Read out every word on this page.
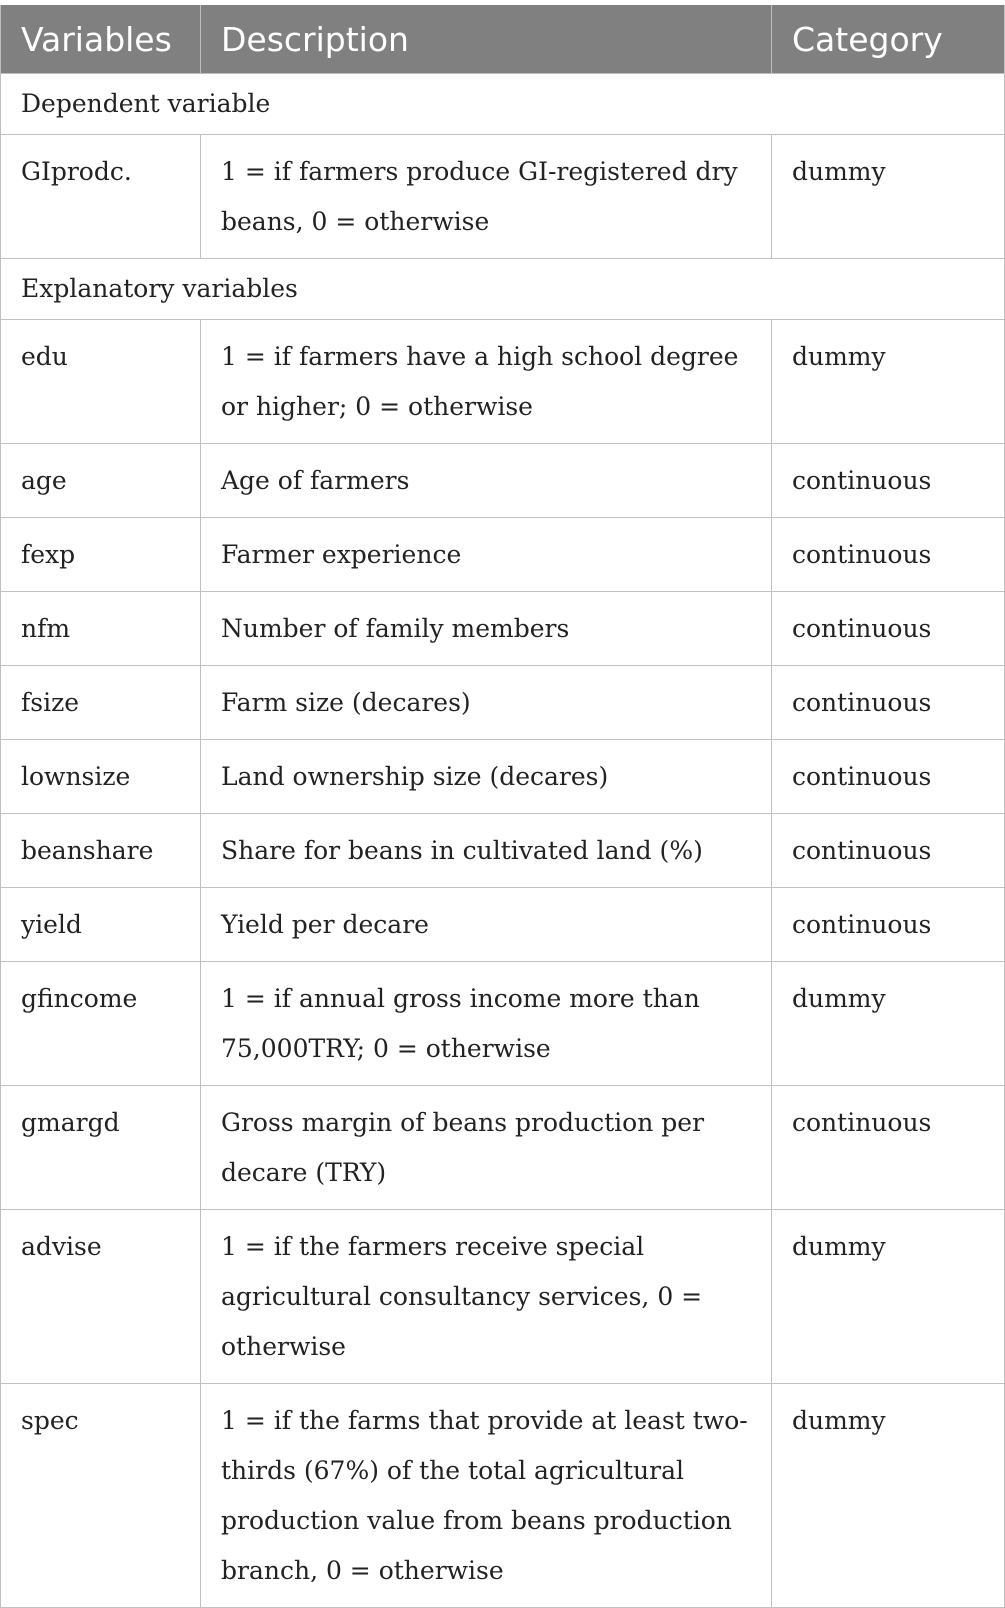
Variables	Description	Category
Dependent variable		
GIprodc.	1 = if farmers produce GI-registered dry beans, 0 = otherwise	dummy
Explanatory variables		
edu	1 = if farmers have a high school degree or higher; 0 = otherwise	dummy
age	Age of farmers	continuous
fexp	Farmer experience	continuous
nfm	Number of family members	continuous
fsize	Farm size (decares)	continuous
lownsize	Land ownership size (decares)	continuous
beanshare	Share for beans in cultivated land (%)	continuous
yield	Yield per decare	continuous
gfincome	1 = if annual gross income more than 75,000TRY; 0 = otherwise	dummy
gmargd	Gross margin of beans production per decare (TRY)	continuous
advise	1 = if the farmers receive special agricultural consultancy services, 0 = otherwise	dummy
spec	1 = if the farms that provide at least two-thirds (67%) of the total agricultural production value from beans production branch, 0 = otherwise	dummy
